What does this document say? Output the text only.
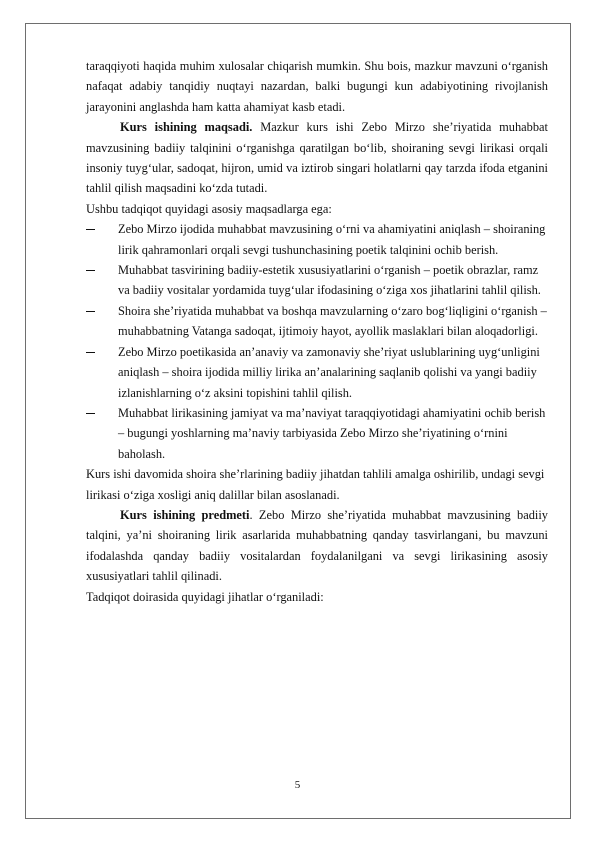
taraqqiyoti haqida muhim xulosalar chiqarish mumkin. Shu bois, mazkur mavzuni o‘rganish nafaqat adabiy tanqidiy nuqtayi nazardan, balki bugungi kun adabiyotining rivojlanish jarayonini anglashda ham katta ahamiyat kasb etadi.

Kurs ishining maqsadi. Mazkur kurs ishi Zebo Mirzo she’riyatida muhabbat mavzusining badiiy talqinini o‘rganishga qaratilgan bo‘lib, shoiraning sevgi lirikasi orqali insoniy tuyg‘ular, sadoqat, hijron, umid va iztirob singari holatlarni qay tarzda ifoda etganini tahlil qilish maqsadini ko‘zda tutadi.

Ushbu tadqiqot quyidagi asosiy maqsadlarga ega:

Zebo Mirzo ijodida muhabbat mavzusining o‘rni va ahamiyatini aniqlash – shoiraning lirik qahramonlari orqali sevgi tushunchasining poetik talqinini ochib berish.
Muhabbat tasvirining badiiy-estetik xususiyatlarini o‘rganish – poetik obrazlar, ramz va badiiy vositalar yordamida tuyg‘ular ifodasining o‘ziga xos jihatlarini tahlil qilish.
Shoira she’riyatida muhabbat va boshqa mavzularning o‘zaro bog‘liqligini o‘rganish – muhabbatning Vatanga sadoqat, ijtimoiy hayot, ayollik maslaklari bilan aloqadorligi.
Zebo Mirzo poetikasida an’anaviy va zamonaviy she’riyat uslublarining uyg‘unligini aniqlash – shoira ijodida milliy lirika an’analarining saqlanib qolishi va yangi badiiy izlanishlarning o‘z aksini topishini tahlil qilish.
Muhabbat lirikasining jamiyat va ma’naviyat taraqqiyotidagi ahamiyatini ochib berish – bugungi yoshlarning ma’naviy tarbiyasida Zebo Mirzo she’riyatining o‘rnini baholash.

Kurs ishi davomida shoira she’rlarining badiiy jihatdan tahlili amalga oshirilib, undagi sevgi lirikasi o‘ziga xosligi aniq dalillar bilan asoslanadi.

Kurs ishining predmeti. Zebo Mirzo she’riyatida muhabbat mavzusining badiiy talqini, ya’ni shoiraning lirik asarlarida muhabbatning qanday tasvirlangani, bu mavzuni ifodalashda qanday badiiy vositalardan foydalanilgani va sevgi lirikasining asosiy xususiyatlari tahlil qilinadi.

Tadqiqot doirasida quyidagi jihatlar o‘rganiladi:

5
